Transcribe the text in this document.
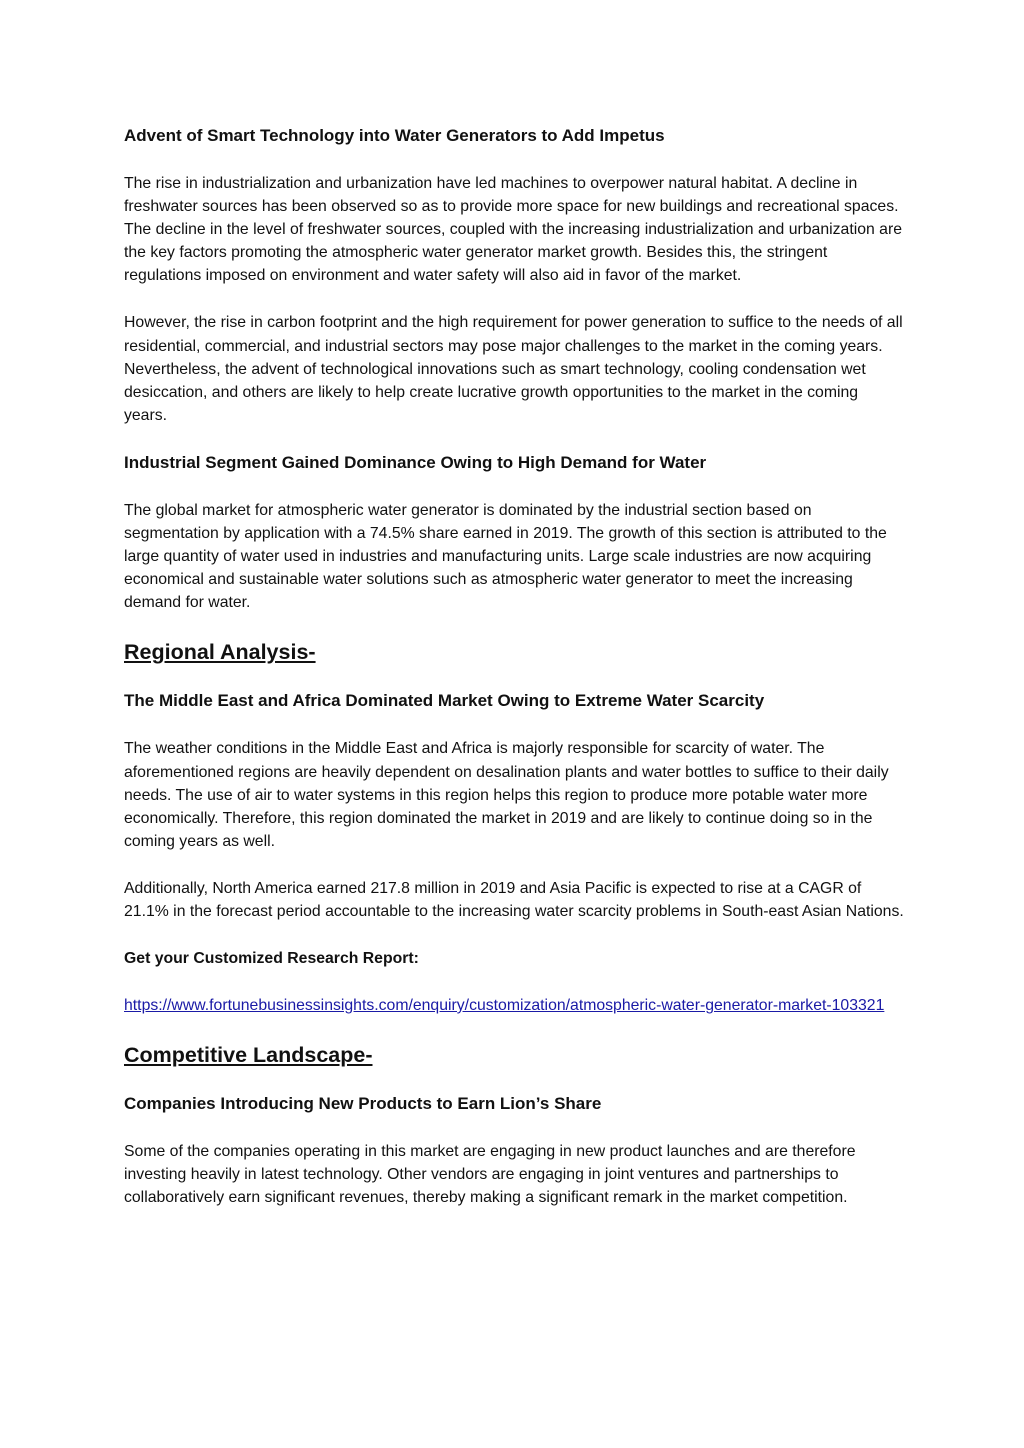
Advent of Smart Technology into Water Generators to Add Impetus

The rise in industrialization and urbanization have led machines to overpower natural habitat. A decline in freshwater sources has been observed so as to provide more space for new buildings and recreational spaces. The decline in the level of freshwater sources, coupled with the increasing industrialization and urbanization are the key factors promoting the atmospheric water generator market growth. Besides this, the stringent regulations imposed on environment and water safety will also aid in favor of the market.

However, the rise in carbon footprint and the high requirement for power generation to suffice to the needs of all residential, commercial, and industrial sectors may pose major challenges to the market in the coming years. Nevertheless, the advent of technological innovations such as smart technology, cooling condensation wet desiccation, and others are likely to help create lucrative growth opportunities to the market in the coming years.

Industrial Segment Gained Dominance Owing to High Demand for Water

The global market for atmospheric water generator is dominated by the industrial section based on segmentation by application with a 74.5% share earned in 2019. The growth of this section is attributed to the large quantity of water used in industries and manufacturing units. Large scale industries are now acquiring economical and sustainable water solutions such as atmospheric water generator to meet the increasing demand for water.

Regional Analysis-
The Middle East and Africa Dominated Market Owing to Extreme Water Scarcity

The weather conditions in the Middle East and Africa is majorly responsible for scarcity of water. The aforementioned regions are heavily dependent on desalination plants and water bottles to suffice to their daily needs. The use of air to water systems in this region helps this region to produce more potable water more economically. Therefore, this region dominated the market in 2019 and are likely to continue doing so in the coming years as well.

Additionally, North America earned 217.8 million in 2019 and Asia Pacific is expected to rise at a CAGR of 21.1% in the forecast period accountable to the increasing water scarcity problems in South-east Asian Nations.

Get your Customized Research Report:

https://www.fortunebusinessinsights.com/enquiry/customization/atmospheric-water-generator-market-103321
Competitive Landscape-
Companies Introducing New Products to Earn Lion’s Share

Some of the companies operating in this market are engaging in new product launches and are therefore investing heavily in latest technology. Other vendors are engaging in joint ventures and partnerships to collaboratively earn significant revenues, thereby making a significant remark in the market competition.
